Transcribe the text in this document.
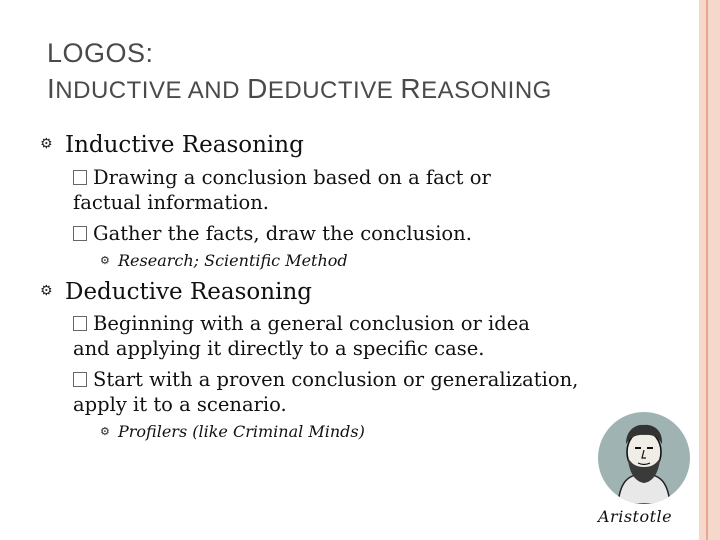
LOGOS:
INDUCTIVE AND DEDUCTIVE REASONING
⚙ Inductive Reasoning
Drawing a conclusion based on a fact or factual information.
Gather the facts, draw the conclusion.
⚙ Research; Scientific Method
⚙ Deductive Reasoning
Beginning with a general conclusion or idea and applying it directly to a specific case.
Start with a proven conclusion or generalization, apply it to a scenario.
⚙ Profilers (like Criminal Minds)
Aristotle
